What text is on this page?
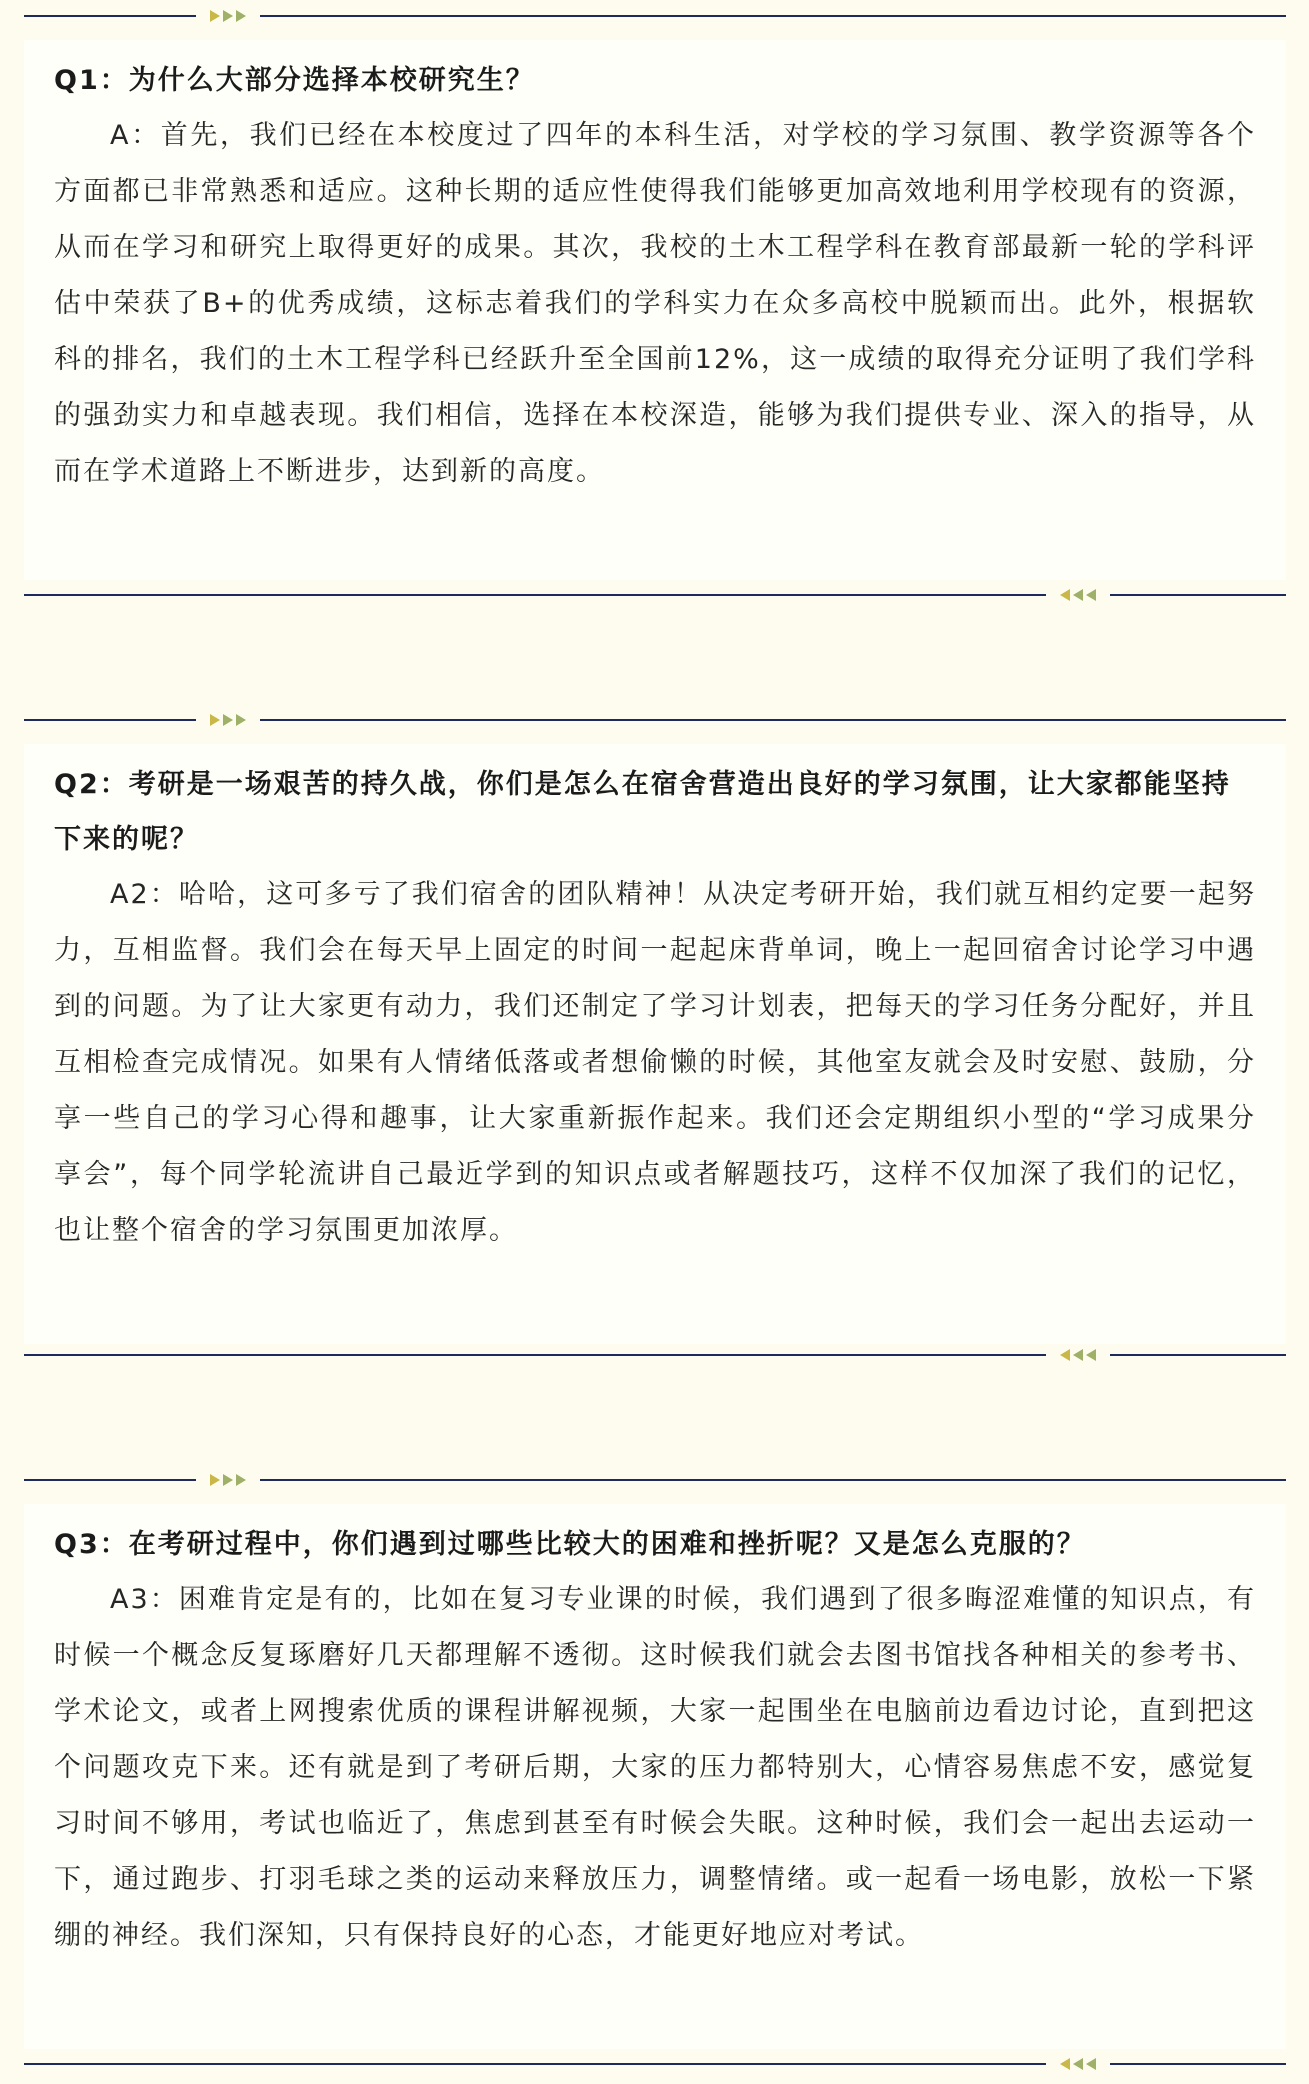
Q1：为什么大部分选择本校研究生？

A：首先，我们已经在本校度过了四年的本科生活，对学校的学习氛围、教学资源等各个方面都已非常熟悉和适应。这种长期的适应性使得我们能够更加高效地利用学校现有的资源，从而在学习和研究上取得更好的成果。其次，我校的土木工程学科在教育部最新一轮的学科评估中荣获了B+的优秀成绩，这标志着我们的学科实力在众多高校中脱颖而出。此外，根据软科的排名，我们的土木工程学科已经跃升至全国前12%，这一成绩的取得充分证明了我们学科的强劲实力和卓越表现。我们相信，选择在本校深造，能够为我们提供专业、深入的指导，从而在学术道路上不断进步，达到新的高度。

Q2：考研是一场艰苦的持久战，你们是怎么在宿舍营造出良好的学习氛围，让大家都能坚持下来的呢？

A2：哈哈，这可多亏了我们宿舍的团队精神！从决定考研开始，我们就互相约定要一起努力，互相监督。我们会在每天早上固定的时间一起起床背单词，晚上一起回宿舍讨论学习中遇到的问题。为了让大家更有动力，我们还制定了学习计划表，把每天的学习任务分配好，并且互相检查完成情况。如果有人情绪低落或者想偷懒的时候，其他室友就会及时安慰、鼓励，分享一些自己的学习心得和趣事，让大家重新振作起来。我们还会定期组织小型的“学习成果分享会”，每个同学轮流讲自己最近学到的知识点或者解题技巧，这样不仅加深了我们的记忆，也让整个宿舍的学习氛围更加浓厚。

Q3：在考研过程中，你们遇到过哪些比较大的困难和挫折呢？又是怎么克服的？

A3：困难肯定是有的，比如在复习专业课的时候，我们遇到了很多晦涩难懂的知识点，有时候一个概念反复琢磨好几天都理解不透彻。这时候我们就会去图书馆找各种相关的参考书、学术论文，或者上网搜索优质的课程讲解视频，大家一起围坐在电脑前边看边讨论，直到把这个问题攻克下来。还有就是到了考研后期，大家的压力都特别大，心情容易焦虑不安，感觉复习时间不够用，考试也临近了，焦虑到甚至有时候会失眠。这种时候，我们会一起出去运动一下，通过跑步、打羽毛球之类的运动来释放压力，调整情绪。或一起看一场电影，放松一下紧绷的神经。我们深知，只有保持良好的心态，才能更好地应对考试。
